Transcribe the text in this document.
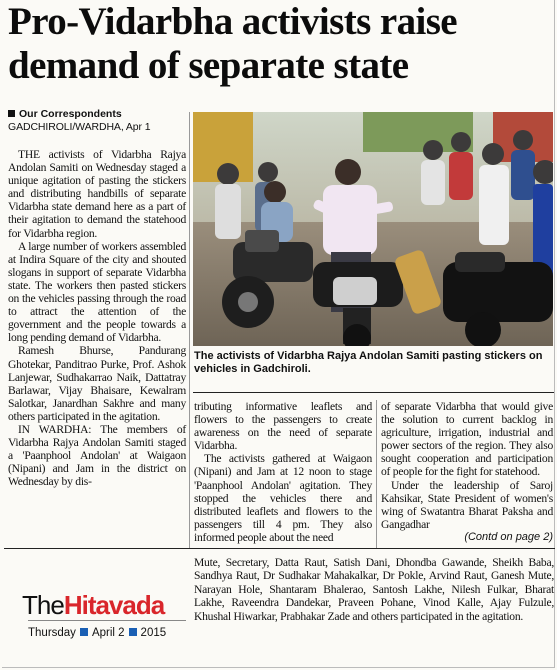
Pro-Vidarbha activists raise demand of separate state
Our Correspondents
GADCHIROLI/WARDHA, Apr 1

THE activists of Vidarbha Rajya Andolan Samiti on Wednesday staged a unique agitation of pasting the stickers and distributing handbills of separate Vidarbha state demand here as a part of their agitation to demand the statehood for Vidarbha region.

A large number of workers assembled at Indira Square of the city and shouted slogans in support of separate Vidarbha state. The workers then pasted stickers on the vehicles passing through the road to attract the attention of the government and the people towards a long pending demand of Vidarbha.

Ramesh Bhurse, Pandurang Ghotekar, Panditrao Purke, Prof. Ashok Lanjewar, Sudhakarrao Naik, Dattatray Barlawar, Vijay Bhaisare, Kewalram Salotkar, Janardhan Sakhre and many others participated in the agitation.

IN WARDHA: The members of Vidarbha Rajya Andolan Samiti staged a 'Paanphool Andolan' at Waigaon (Nipani) and Jam in the district on Wednesday by dis-

The activists of Vidarbha Rajya Andolan Samiti pasting stickers on vehicles in Gadchiroli.

tributing informative leaflets and flowers to the passengers to create awareness on the need of separate Vidarbha.

The activists gathered at Waigaon (Nipani) and Jam at 12 noon to stage 'Paanphool Andolan' agitation. They stopped the vehicles there and distributed leaflets and flowers to the passengers till 4 pm. They also informed people about the need

of separate Vidarbha that would give the solution to current backlog in agriculture, irrigation, industrial and power sectors of the region. They also sought cooperation and participation of people for the fight for statehood.

Under the leadership of Saroj Kahsikar, State President of women's wing of Swatantra Bharat Paksha and Gangadhar

(Contd on page 2)

TheHitavada
Thursday April 2 2015

Mute, Secretary, Datta Raut, Satish Dani, Dhondba Gawande, Sheikh Baba, Sandhya Raut, Dr Sudhakar Mahakalkar, Dr Pokle, Arvind Raut, Ganesh Mute, Narayan Hole, Shantaram Bhalerao, Santosh Lakhe, Nilesh Fulkar, Bharat Lakhe, Raveendra Dandekar, Praveen Pohane, Vinod Kalle, Ajay Fulzule, Khushal Hiwarkar, Prabhakar Zade and others participated in the agitation.
